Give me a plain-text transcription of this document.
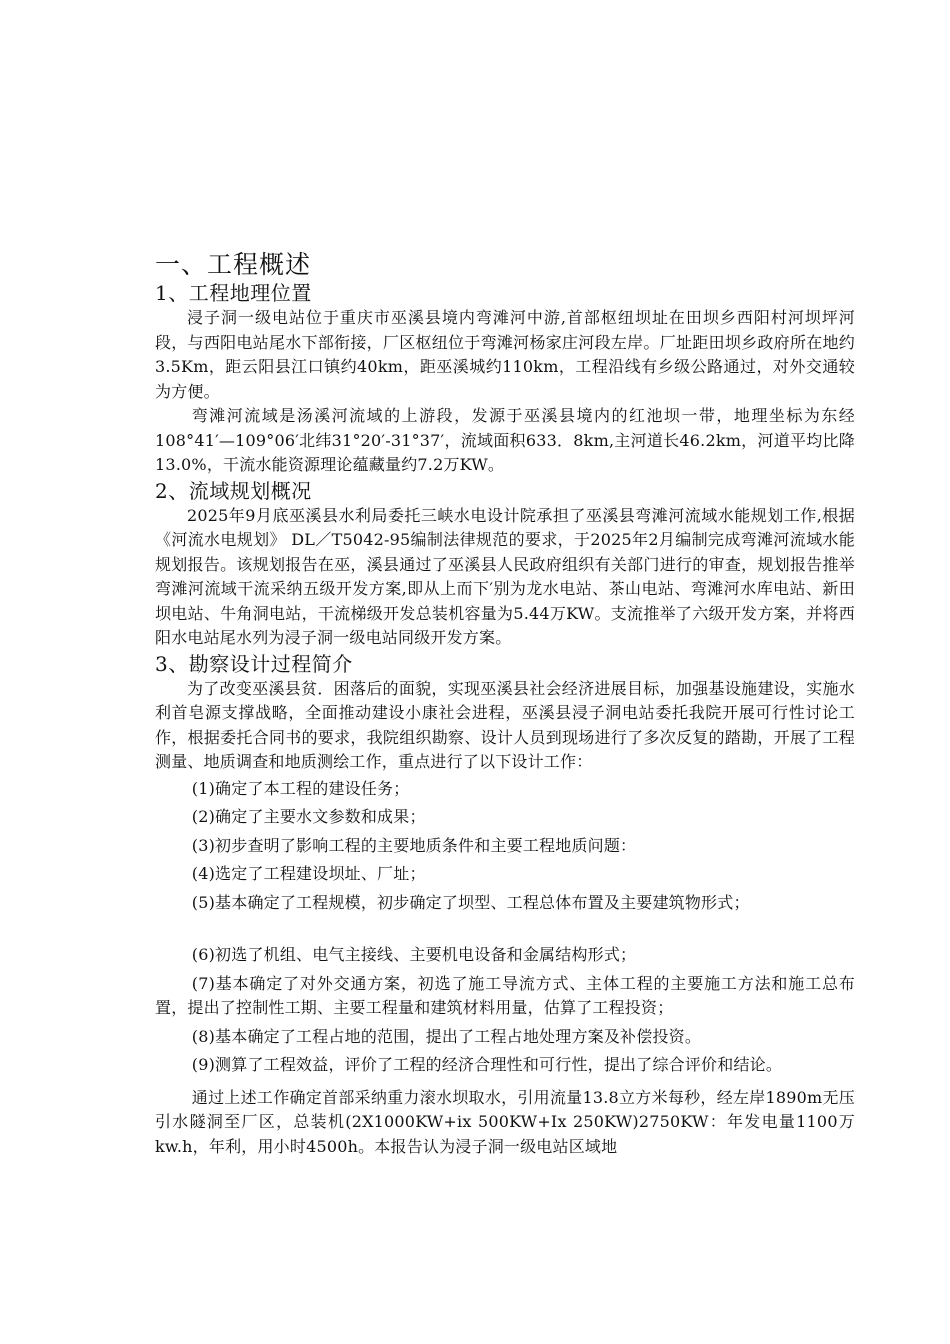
一、工程概述
1、工程地理位置

浸子洞一级电站位于重庆市巫溪县境内弯滩河中游,首部枢纽坝址在田坝乡西阳村河坝坪河段，与西阳电站尾水下部衔接，厂区枢纽位于弯滩河杨家庄河段左岸。厂址距田坝乡政府所在地约3.5Km，距云阳县江口镇约40km，距巫溪城约110km，工程沿线有乡级公路通过，对外交通较为方便。

弯滩河流域是汤溪河流域的上游段，发源于巫溪县境内的红池坝一带，地理坐标为东经108°41′—109°06′北纬31°20′-31°37′，流域面积633．8km,主河道长46.2km，河道平均比降13.0%，干流水能资源理论蕴藏量约7.2万KW。

2、流域规划概况

2025年9月底巫溪县水利局委托三峡水电设计院承担了巫溪县弯滩河流域水能规划工作,根据《河流水电规划》 DL／T5042-95编制法律规范的要求，于2025年2月编制完成弯滩河流域水能规划报告。该规划报告在巫，溪县通过了巫溪县人民政府组织有关部门进行的审查，规划报告推举弯滩河流域干流采纳五级开发方案,即从上而下′别为龙水电站、茶山电站、弯滩河水库电站、新田坝电站、牛角洞电站，干流梯级开发总装机容量为5.44万KW。支流推举了六级开发方案，并将西阳水电站尾水列为浸子洞一级电站同级开发方案。

3、勘察设计过程简介

为了改变巫溪县贫．困落后的面貌，实现巫溪县社会经济进展目标，加强基设施建设，实施水利首皂源支撑战略，全面推动建设小康社会进程，巫溪县浸子洞电站委托我院开展可行性讨论工作，根据委托合同书的要求，我院组织勘察、设计人员到现场进行了多次反复的踏勘，开展了工程测量、地质调查和地质测绘工作，重点进行了以下设计工作：

(1)确定了本工程的建设任务；

(2)确定了主要水文参数和成果；

(3)初步查明了影响工程的主要地质条件和主要工程地质问题：

(4)选定了工程建设坝址、厂址；

(5)基本确定了工程规模，初步确定了坝型、工程总体布置及主要建筑物形式；

(6)初选了机组、电气主接线、主要机电设备和金属结构形式；

(7)基本确定了对外交通方案，初选了施工导流方式、主体工程的主要施工方法和施工总布置，提出了控制性工期、主要工程量和建筑材料用量，估算了工程投资；

(8)基本确定了工程占地的范围，提出了工程占地处理方案及补偿投资。

(9)测算了工程效益，评价了工程的经济合理性和可行性，提出了综合评价和结论。

通过上述工作确定首部采纳重力滚水坝取水，引用流量13.8立方米每秒，经左岸1890m无压引水隧洞至厂区，总装机(2X1000KW+ix 500KW+Ix 250KW)2750KW：年发电量1100万kw.h，年利，用小时4500h。本报告认为浸子洞一级电站区域地
